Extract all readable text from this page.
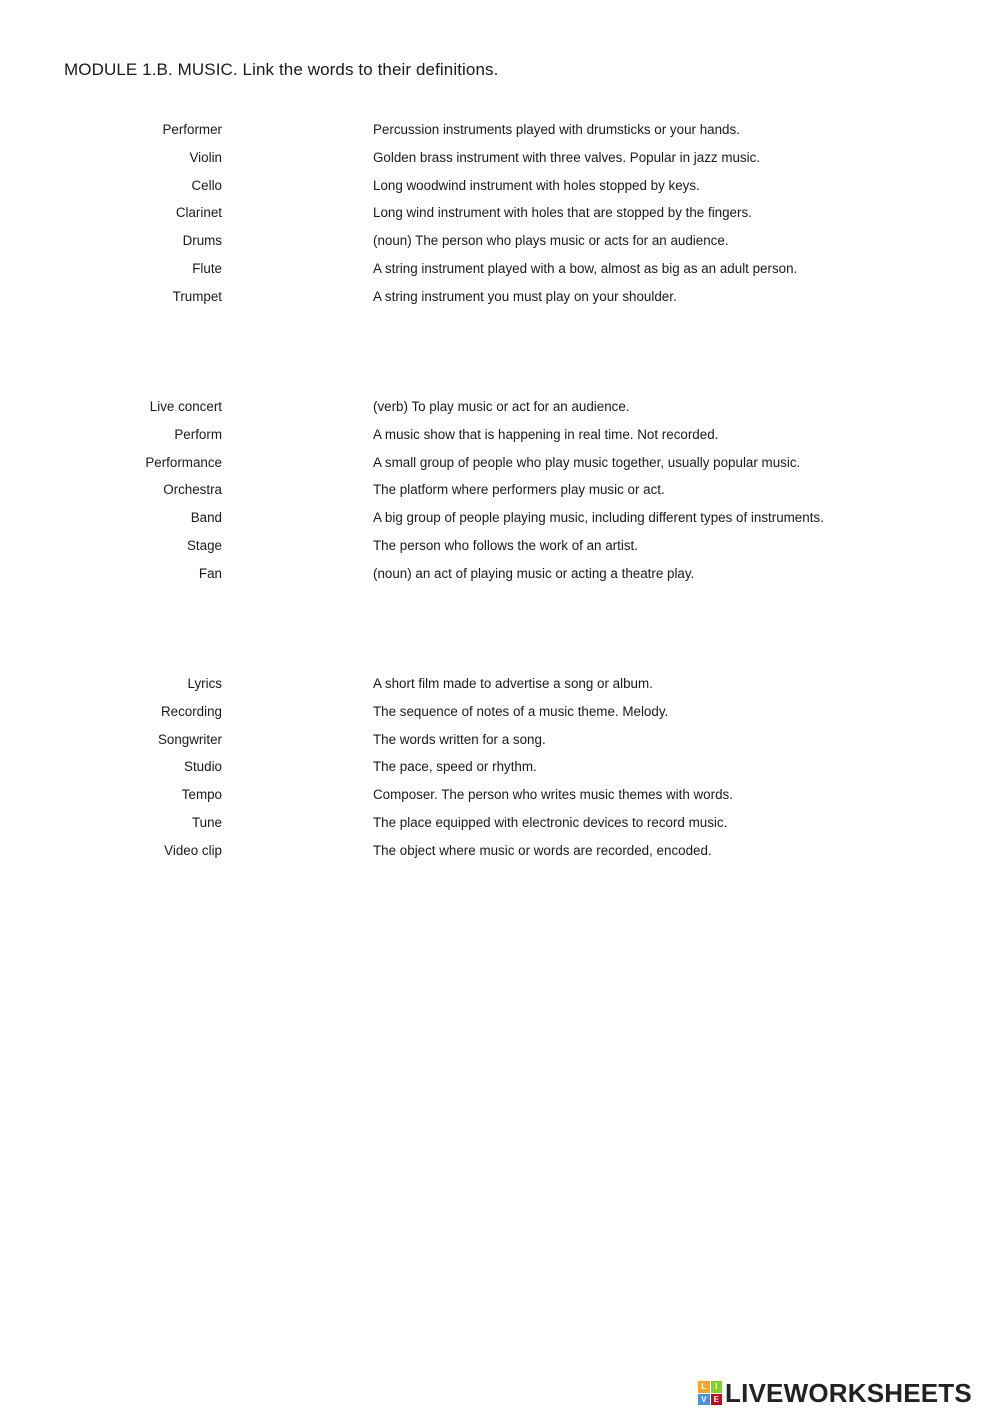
MODULE 1.B. MUSIC. Link the words to their definitions.
Performer	Percussion instruments played with drumsticks or your hands.
Violin	Golden brass instrument with three valves. Popular in jazz music.
Cello	Long woodwind instrument with holes stopped by keys.
Clarinet	Long wind instrument with holes that are stopped by the fingers.
Drums	(noun) The person who plays music or acts for an audience.
Flute	A string instrument played with a bow, almost as big as an adult person.
Trumpet	A string instrument you must play on your shoulder.
Live concert	(verb) To play music or act for an audience.
Perform	A music show that is happening in real time. Not recorded.
Performance	A small group of people who play music together, usually popular music.
Orchestra	The platform where performers play music or act.
Band	A big group of people playing music, including different types of instruments.
Stage	The person who follows the work of an artist.
Fan	(noun) an act of playing music or acting a theatre play.
Lyrics	A short film made to advertise a song or album.
Recording	The sequence of notes of a music theme. Melody.
Songwriter	The words written for a song.
Studio	The pace, speed or rhythm.
Tempo	Composer. The person who writes music themes with words.
Tune	The place equipped with electronic devices to record music.
Video clip	The object where music or words are recorded, encoded.
L	I
V E LIVEWORKSHEETS
